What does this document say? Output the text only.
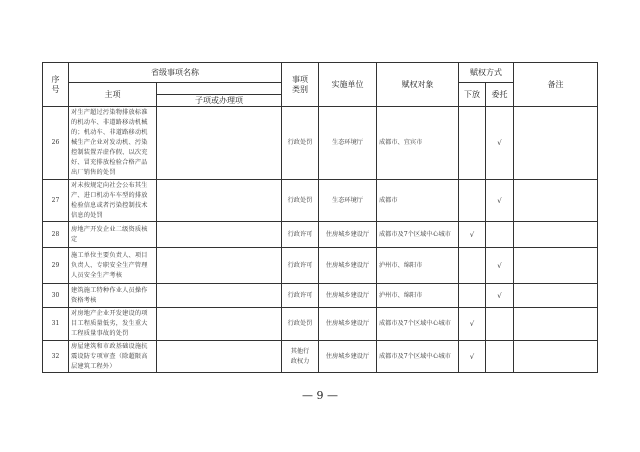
序号	省级事项名称		事项类别	实施单位	赋权对象	赋权方式		备注
	主项					下放	委托	
		子项或办理项						
26	对生产超过污染物排放标准的机动车、非道路移动机械的；机动车、非道路移动机械生产企业对发动机、污染控制装置弄虚作假、以次充好、冒充排放检验合格产品出厂销售的处罚		行政处罚	生态环境厅	成都市、宜宾市		√	
27	对未按规定向社会公布其生产、进口机动车车型的排放检验信息或者污染控制技术信息的处罚		行政处罚	生态环境厅	成都市		√	
28	房地产开发企业二级资质核定		行政许可	住房城乡建设厅	成都市及7个区域中心城市	√		
29	施工单位主要负责人、项目负责人、专职安全生产管理人员安全生产考核		行政许可	住房城乡建设厅	泸州市、绵阳市		√	
30	建筑施工特种作业人员操作资格考核		行政许可	住房城乡建设厅	泸州市、绵阳市		√	
31	对房地产企业开发建设的项目工程质量低劣，发生重大工程质量事故的处罚		行政处罚	住房城乡建设厅	成都市及7个区域中心城市	√		
32	房屋建筑和市政基础设施抗震设防专项审查（除超限高层建筑工程外）		其他行政权力	住房城乡建设厅	成都市及7个区域中心城市	√		
— 9 —
